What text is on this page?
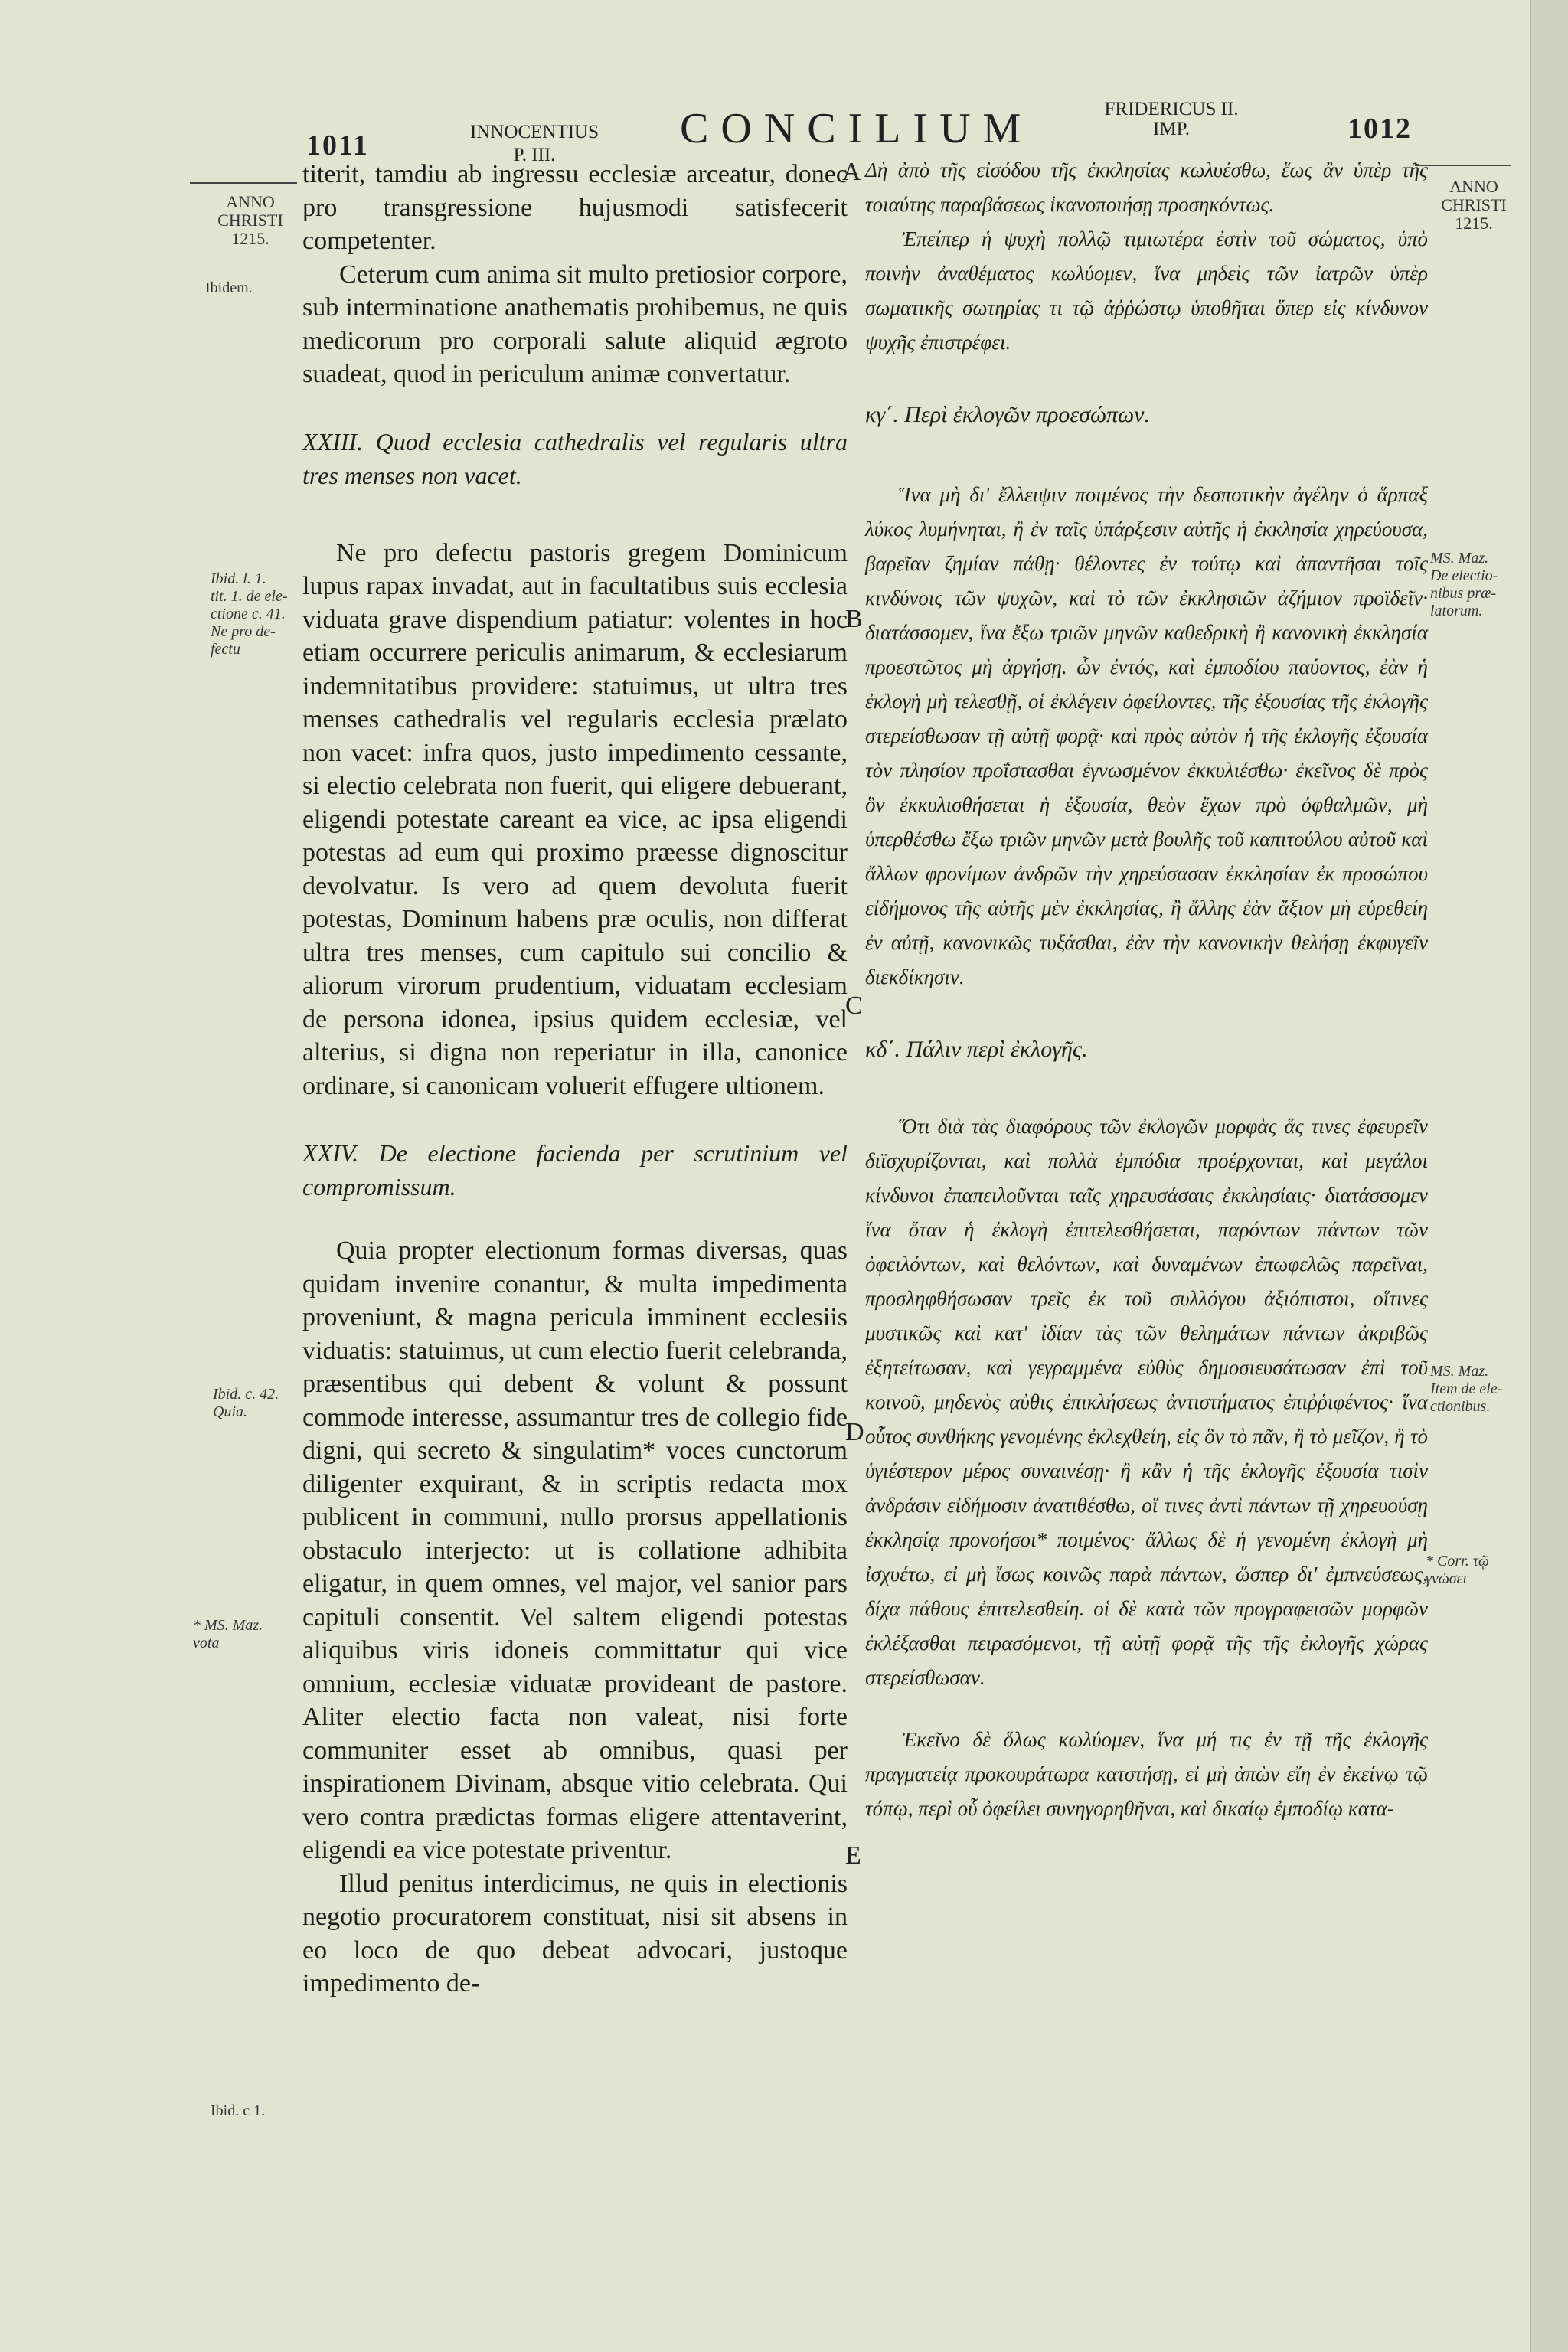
1011	INNOCENTIUS
P. III.
CONCILIUM	FRIDERICUS II.
IMP.	1012
ANNO
CHRISTI
1215.
Ibidem.
Ibid. l. 1.
tit. 1. de ele-
ctione c. 41.
Ne pro de-
fectu
Ibid. c. 42.
Quia.
* MS. Maz.
vota
Ibid. c 1.
ANNO
CHRISTI
1215.
MS. Maz.
De electio-
nibus præ-
latorum.
MS. Maz.
Item de ele-
ctionibus.
* Corr. τῷ
γνώσει
A
B
C
D
E

titerit, tamdiu ab ingressu ecclesiæ arceatur, donec pro transgressione hujusmodi satisfecerit competenter.

Ceterum cum anima sit multo pretiosior corpore, sub interminatione anathematis prohibemus, ne quis medicorum pro corporali salute aliquid ægroto suadeat, quod in periculum animæ convertatur.

XXIII. Quod ecclesia cathedralis vel regularis ultra tres menses non vacet.

Ne pro defectu pastoris gregem Dominicum lupus rapax invadat, aut in facultatibus suis ecclesia viduata grave dispendium patiatur: volentes in hoc etiam occurrere periculis animarum, & ecclesiarum indemnitatibus providere: statuimus, ut ultra tres menses cathedralis vel regularis ecclesia prælato non vacet: infra quos, justo impedimento cessante, si electio celebrata non fuerit, qui eligere debuerant, eligendi potestate careant ea vice, ac ipsa eligendi potestas ad eum qui proximo præesse dignoscitur devolvatur. Is vero ad quem devoluta fuerit potestas, Dominum habens præ oculis, non differat ultra tres menses, cum capitulo sui concilio & aliorum virorum prudentium, viduatam ecclesiam de persona idonea, ipsius quidem ecclesiæ, vel alterius, si digna non reperiatur in illa, canonice ordinare, si canonicam voluerit effugere ultionem.

XXIV. De electione facienda per scrutinium vel compromissum.

Quia propter electionum formas diversas, quas quidam invenire conantur, & multa impedimenta proveniunt, & magna pericula imminent ecclesiis viduatis: statuimus, ut cum electio fuerit celebranda, præsentibus qui debent & volunt & possunt commode interesse, assumantur tres de collegio fide digni, qui secreto & singulatim* voces cunctorum diligenter exquirant, & in scriptis redacta mox publicent in communi, nullo prorsus appellationis obstaculo interjecto: ut is collatione adhibita eligatur, in quem omnes, vel major, vel sanior pars capituli consentit. Vel saltem eligendi potestas aliquibus viris idoneis committatur qui vice omnium, ecclesiæ viduatæ provideant de pastore. Aliter electio facta non valeat, nisi forte communiter esset ab omnibus, quasi per inspirationem Divinam, absque vitio celebrata. Qui vero contra prædictas formas eligere attentaverint, eligendi ea vice potestate priventur.

Illud penitus interdicimus, ne quis in electionis negotio procuratorem constituat, nisi sit absens in eo loco de quo debeat advocari, justoque impedimento de-

Δὴ ἀπὸ τῆς εἰσόδου τῆς ἐκκλησίας κωλυέσθω, ἕως ἂν ὑπὲρ τῆς τοιαύτης παραβάσεως ἱκανοποιήσῃ προσηκόντως.

Ἐπείπερ ἡ ψυχὴ πολλῷ τιμιωτέρα ἐστὶν τοῦ σώματος, ὑπὸ ποινὴν ἀναθέματος κωλύομεν, ἵνα μηδεὶς τῶν ἰατρῶν ὑπὲρ σωματικῆς σωτηρίας τι τῷ ἀῤῥώστῳ ὑποθῆται ὅπερ εἰς κίνδυνον ψυχῆς ἐπιστρέφει.

κγ΄. Περὶ ἐκλογῶν προεσώπων.

Ἵνα μὴ δι' ἔλλειψιν ποιμένος τὴν δεσποτικὴν ἀγέλην ὁ ἅρπαξ λύκος λυμήνηται, ἢ ἐν ταῖς ὑπάρξεσιν αὐτῆς ἡ ἐκκλησία χηρεύουσα, βαρεῖαν ζημίαν πάθῃ· θέλοντες ἐν τούτῳ καὶ ἀπαντῆσαι τοῖς κινδύνοις τῶν ψυχῶν, καὶ τὸ τῶν ἐκκλησιῶν ἀζήμιον προϊδεῖν· διατάσσομεν, ἵνα ἔξω τριῶν μηνῶν καθεδρικὴ ἢ κανονικὴ ἐκκλησία προεστῶτος μὴ ἀργήσῃ. ὧν ἐντός, καὶ ἐμποδίου παύοντος, ἐὰν ἡ ἐκλογὴ μὴ τελεσθῇ, οἱ ἐκλέγειν ὀφείλοντες, τῆς ἐξουσίας τῆς ἐκλογῆς στερείσθωσαν τῇ αὐτῇ φορᾷ· καὶ πρὸς αὐτὸν ἡ τῆς ἐκλογῆς ἐξουσία τὸν πλησίον προΐστασθαι ἐγνωσμένον ἐκκυλιέσθω· ἐκεῖνος δὲ πρὸς ὃν ἐκκυλισθήσεται ἡ ἐξουσία, θεὸν ἔχων πρὸ ὀφθαλμῶν, μὴ ὑπερθέσθω ἔξω τριῶν μηνῶν μετὰ βουλῆς τοῦ καπιτούλου αὐτοῦ καὶ ἄλλων φρονίμων ἀνδρῶν τὴν χηρεύσασαν ἐκκλησίαν ἐκ προσώπου εἰδήμονος τῆς αὐτῆς μὲν ἐκκλησίας, ἢ ἄλλης ἐὰν ἄξιον μὴ εὑρεθείη ἐν αὐτῇ, κανονικῶς τυξάσθαι, ἐὰν τὴν κανονικὴν θελήσῃ ἐκφυγεῖν διεκδίκησιν.

κδ΄. Πάλιν περὶ ἐκλογῆς.

Ὅτι διὰ τὰς διαφόρους τῶν ἐκλογῶν μορφὰς ἅς τινες ἐφευρεῖν διϊσχυρίζονται, καὶ πολλὰ ἐμπόδια προέρχονται, καὶ μεγάλοι κίνδυνοι ἐπαπειλοῦνται ταῖς χηρευσάσαις ἐκκλησίαις· διατάσσομεν ἵνα ὅταν ἡ ἐκλογὴ ἐπιτελεσθήσεται, παρόντων πάντων τῶν ὀφειλόντων, καὶ θελόντων, καὶ δυναμένων ἐπωφελῶς παρεῖναι, προσληφθήσωσαν τρεῖς ἐκ τοῦ συλλόγου ἀξιόπιστοι, οἵτινες μυστικῶς καὶ κατ' ἰδίαν τὰς τῶν θελημάτων πάντων ἀκριβῶς ἐξητείτωσαν, καὶ γεγραμμένα εὐθὺς δημοσιευσάτωσαν ἐπὶ τοῦ κοινοῦ, μηδενὸς αὐθις ἐπικλήσεως ἀντιστήματος ἐπιῤῥιφέντος· ἵνα οὗτος συνθήκης γενομένης ἐκλεχθείη, εἰς ὃν τὸ πᾶν, ἢ τὸ μεῖζον, ἢ τὸ ὑγιέστερον μέρος συναινέσῃ· ἢ κἂν ἡ τῆς ἐκλογῆς ἐξουσία τισὶν ἀνδράσιν εἰδήμοσιν ἀνατιθέσθω, οἵ τινες ἀντὶ πάντων τῇ χηρευούσῃ ἐκκλησίᾳ προνοήσοι* ποιμένος· ἄλλως δὲ ἡ γενομένη ἐκλογὴ μὴ ἰσχυέτω, εἰ μὴ ἴσως κοινῶς παρὰ πάντων, ὥσπερ δι' ἐμπνεύσεως, δίχα πάθους ἐπιτελεσθείη. οἱ δὲ κατὰ τῶν προγραφεισῶν μορφῶν ἐκλέξασθαι πειρασόμενοι, τῇ αὐτῇ φορᾷ τῆς τῆς ἐκλογῆς χώρας στερείσθωσαν.

Ἐκεῖνο δὲ ὅλως κωλύομεν, ἵνα μή τις ἐν τῇ τῆς ἐκλογῆς πραγματείᾳ προκουράτωρα κατστήσῃ, εἰ μὴ ἀπὼν εἴη ἐν ἐκείνῳ τῷ τόπῳ, περὶ οὗ ὀφείλει συνηγορηθῆναι, καὶ δικαίῳ ἐμποδίῳ κατα-
